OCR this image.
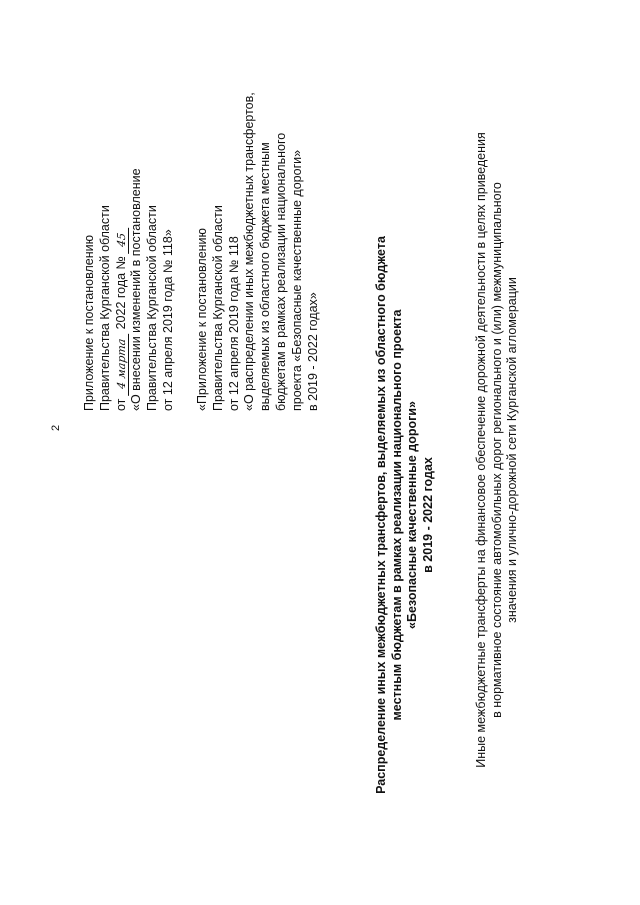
2
Приложение к постановлению Правительства Курганской области от 4 марта 2022 года № 45 «О внесении изменений в постановление Правительства Курганской области от 12 апреля 2019 года № 118» «Приложение к постановлению Правительства Курганской области от 12 апреля 2019 года № 118 «О распределении иных межбюджетных трансфертов, выделяемых из областного бюджета местным бюджетам в рамках реализации национального проекта «Безопасные качественные дороги» в 2019 - 2022 годах»	Распределение иных межбюджетных трансфертов, выделяемых из областного бюджета местным бюджетам в рамках реализации национального проекта «Безопасные качественные дороги» в 2019 - 2022 годах	Иные межбюджетные трансферты на финансовое обеспечение дорожной деятельности в целях приведения в нормативное состояние автомобильных дорог регионального и (или) межмуниципального значения и улично-дорожной сети Курганской агломерации
